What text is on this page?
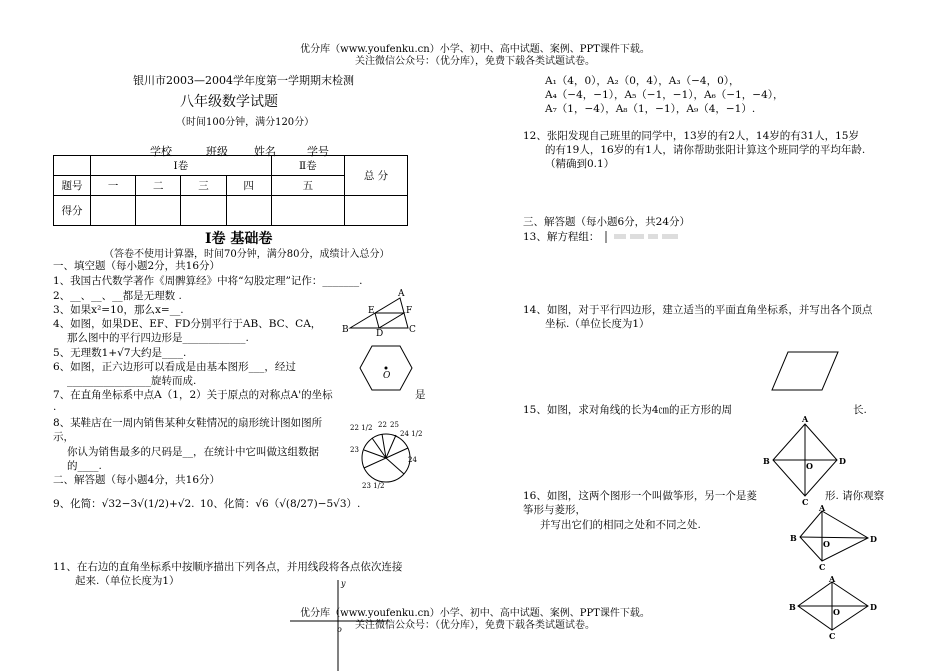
优分库（www.youfenku.cn）小学、初中、高中试题、案例、PPT课件下载。
关注微信公众号：（优分库），免费下载各类试题试卷。
银川市2003—2004学年度第一学期期末检测
八年级数学试题
（时间100分钟，满分120分）
学校	班级 姓名	学号
	Ⅰ卷				Ⅱ卷	总 分
题号	一	二	三	四	五	
得分						
Ⅰ卷 基础卷
（答卷不使用计算器，时间70分钟，满分80分，成绩计入总分）
一、填空题（每小题2分，共16分）
1、我国古代数学著作《周髀算经》中将“勾股定理”记作：_______.
2、__、__、__都是无理数 .
3、如果x²=10，那么x=__.
4、如图，如果DE、EF、FD分别平行于AB、BC、CA，
那么图中的平行四边形是____________.
5、无理数1+√7大约是____.
6、如图，正六边形可以看成是由基本图形___，经过
________________旋转而成.
7、在直角坐标系中点A（1，2）关于原点的对称点A'的坐标	是
.
8、某鞋店在一周内销售某种女鞋情况的扇形统计图如图所
示，
你认为销售最多的尺码是__，在统计中它叫做这组数据
的____.
二、解答题（每小题4分，共16分）
9、化简：√32−3√(1/2)+√2. 10、化简：√6（√(8/27)−5√3）.
11、在右边的直角坐标系中按顺序描出下列各点，并用线段将各点依次连接
起来.（单位长度为1）
A
E	F
B	D	C
O
22 1/2 22 25
24 1/2
23
24
23 1/2
y
o
A₁（4，0），A₂（0，4），A₃（−4，0），
A₄（−4，−1），A₅（−1，−1），A₆（−1，−4），
A₇（1，−4），A₈（1，−1），A₉（4，−1）.
12、张阳发现自己班里的同学中，13岁的有2人，14岁的有31人，15岁
的有19人，16岁的有1人，请你帮助张阳计算这个班同学的平均年龄.
（精确到0.1）
三、解答题（每小题6分，共24分）
13、解方程组：
14、如图，对于平行四边形，建立适当的平面直角坐标系，并写出各个顶点
坐标.（单位长度为1）
15、如图，求对角线的长为4㎝的正方形的周	长.
A
B	O	D
C
16、如图，这两个图形一个叫做筝形，另一个是菱	形. 请你观察
筝形与菱形，
并写出它们的相同之处和不同之处.
A
B
O	D
C
A
B	O	D
C
优分库（www.youfenku.cn）小学、初中、高中试题、案例、PPT课件下载。
关注微信公众号：（优分库），免费下载各类试题试卷。
